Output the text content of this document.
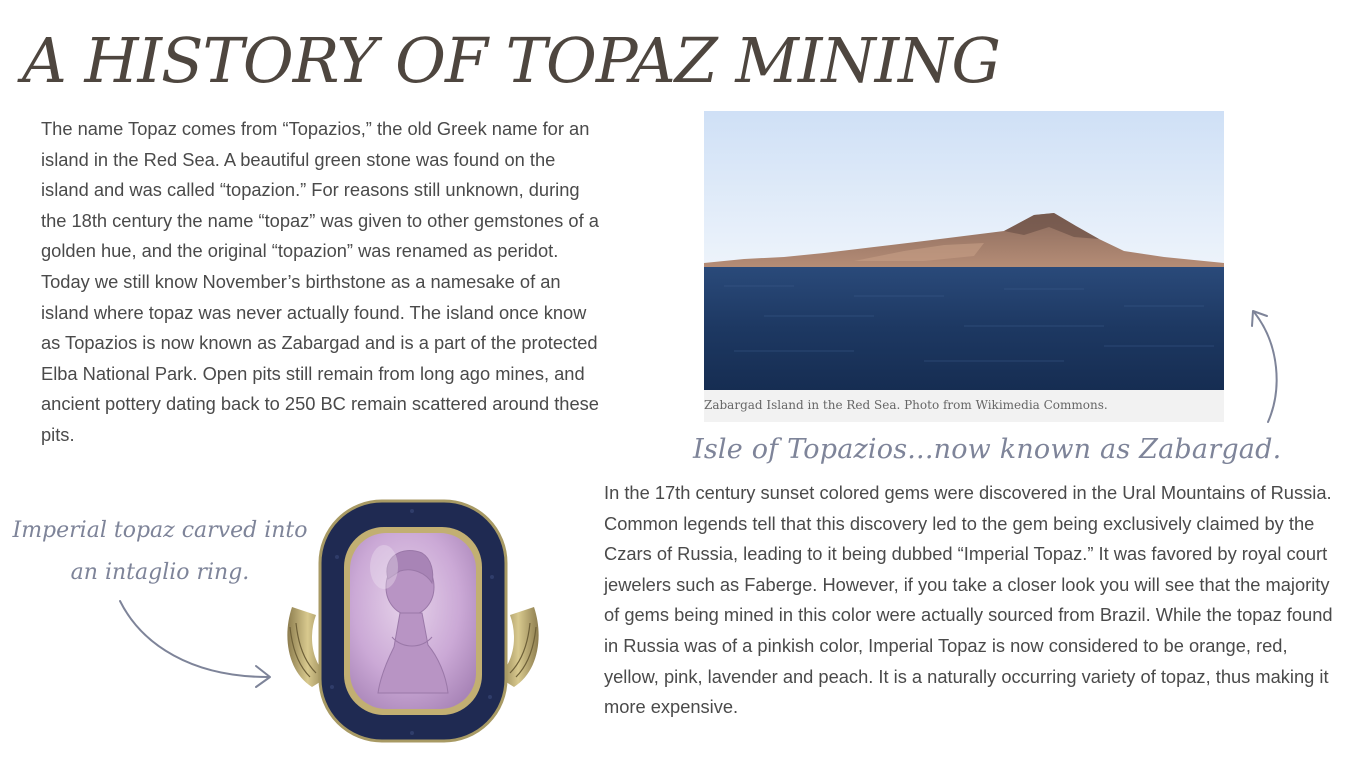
A HISTORY OF TOPAZ MINING

The name Topaz comes from “Topazios,” the old Greek name for an island in the Red Sea. A beautiful green stone was found on the island and was called “topazion.” For reasons still unknown, during the 18th century the name “topaz” was given to other gemstones of a golden hue, and the original “topazion” was renamed as peridot. Today we still know November’s birthstone as a namesake of an island where topaz was never actually found. The island once know as Topazios is now known as Zabargad and is a part of the protected Elba National Park. Open pits still remain from long ago mines, and ancient pottery dating back to 250 BC remain scattered around these pits.

Zabargad Island in the Red Sea. Photo from Wikimedia Commons.

Isle of Topazios...now known as Zabargad.

In the 17th century sunset colored gems were discovered in the Ural Mountains of Russia. Common legends tell that this discovery led to the gem being exclusively claimed by the Czars of Russia, leading to it being dubbed “Imperial Topaz.” It was favored by royal court jewelers such as Faberge. However, if you take a closer look you will see that the majority of gems being mined in this color were actually sourced from Brazil. While the topaz found in Russia was of a pinkish color, Imperial Topaz is now considered to be orange, red, yellow, pink, lavender and peach. It is a naturally occurring variety of topaz, thus making it more expensive.

Imperial topaz carved into an intaglio ring.
